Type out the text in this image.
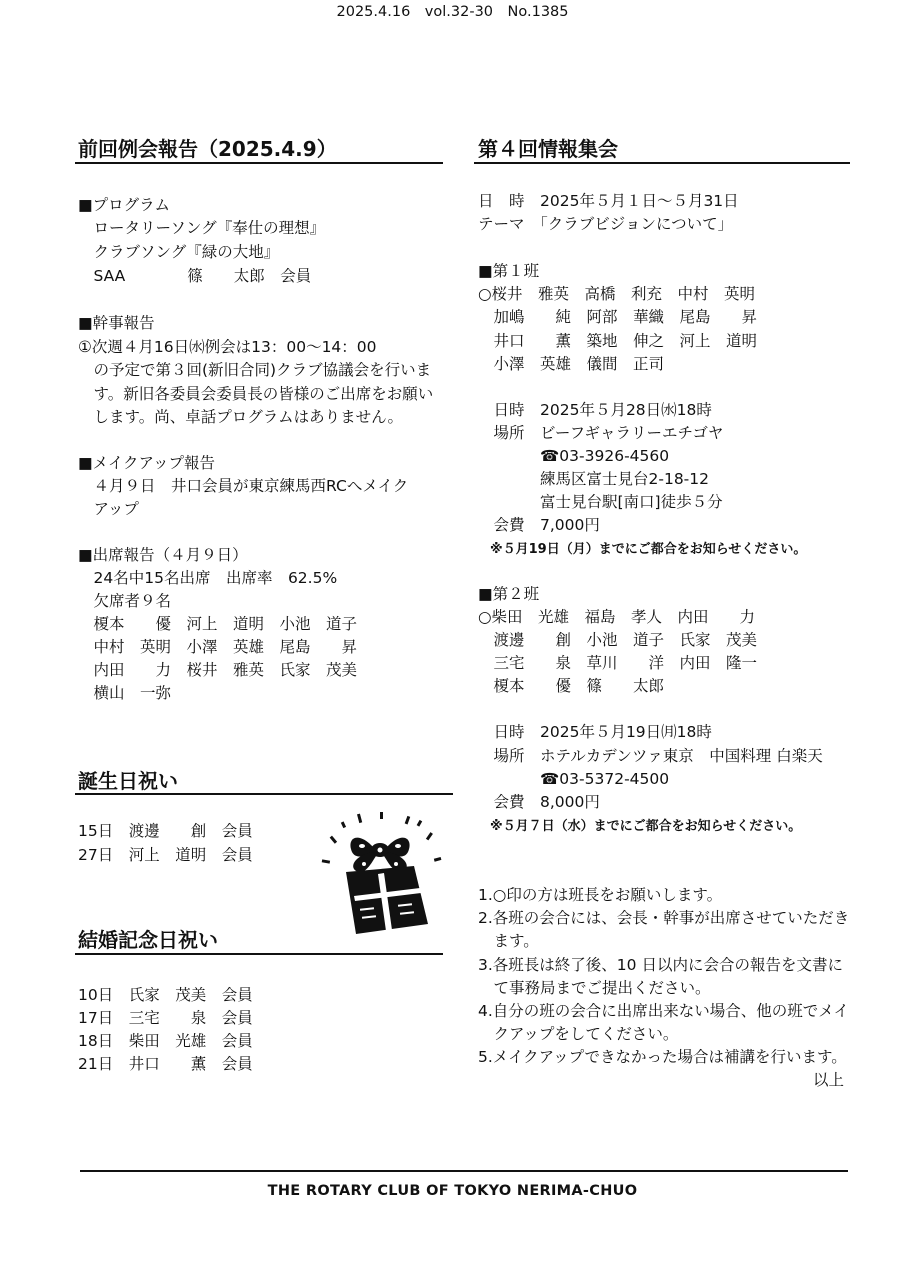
2025.4.16　vol.32-30　No.1385
前回例会報告（2025.4.9）
■プログラム
　ロータリーソング『奉仕の理想』
　クラブソング『緑の大地』
　SAA　　　　篠　　太郎　会員
■幹事報告
①次週４月16日㈬例会は13：00～14：00
　の予定で第３回(新旧合同)クラブ協議会を行いま
　す。新旧各委員会委員長の皆様のご出席をお願い
　します。尚、卓話プログラムはありません。
■メイクアップ報告
　４月９日　井口会員が東京練馬西RCへメイク
　アップ
■出席報告（４月９日）
　24名中15名出席　出席率　62.5%
　欠席者９名
　榎本　　優　河上　道明　小池　道子
　中村　英明　小澤　英雄　尾島　　昇
　内田　　力　桜井　雅英　氏家　茂美
　横山　一弥
誕生日祝い
15日　渡邊　　創　会員
27日　河上　道明　会員
結婚記念日祝い
10日　氏家　茂美　会員
17日　三宅　　泉　会員
18日　柴田　光雄　会員
21日　井口　　薫　会員
第４回情報集会
日　時　2025年５月１日～５月31日
テーマ　「クラブビジョンについて」
■第１班
○桜井　雅英　高橋　利充　中村　英明
　加嶋　　純　阿部　華織　尾島　　昇
　井口　　薫　築地　伸之　河上　道明
　小澤　英雄　儀間　正司
　日時　2025年５月28日㈬18時
　場所　ビーフギャラリーエチゴヤ
　　　　☎03-3926-4560
　　　　練馬区富士見台2-18-12
　　　　富士見台駅[南口]徒歩５分
　会費　7,000円
※５月19日（月）までにご都合をお知らせください。
■第２班
○柴田　光雄　福島　孝人　内田　　力
　渡邊　　創　小池　道子　氏家　茂美
　三宅　　泉　草川　　洋　内田　隆一
　榎本　　優　篠　　太郎
　日時　2025年５月19日㈪18時
　場所　ホテルカデンツァ東京　中国料理 白楽天
　　　　☎03-5372-4500
　会費　8,000円
※５月７日（水）までにご都合をお知らせください。
1.○印の方は班長をお願いします。
2.各班の会合には、会長・幹事が出席させていただき
　ます。
3.各班長は終了後、10 日以内に会合の報告を文書に
　て事務局までご提出ください。
4.自分の班の会合に出席出来ない場合、他の班でメイ
　クアップをしてください。
5.メイクアップできなかった場合は補講を行います。
以上
THE ROTARY CLUB OF TOKYO NERIMA-CHUO
